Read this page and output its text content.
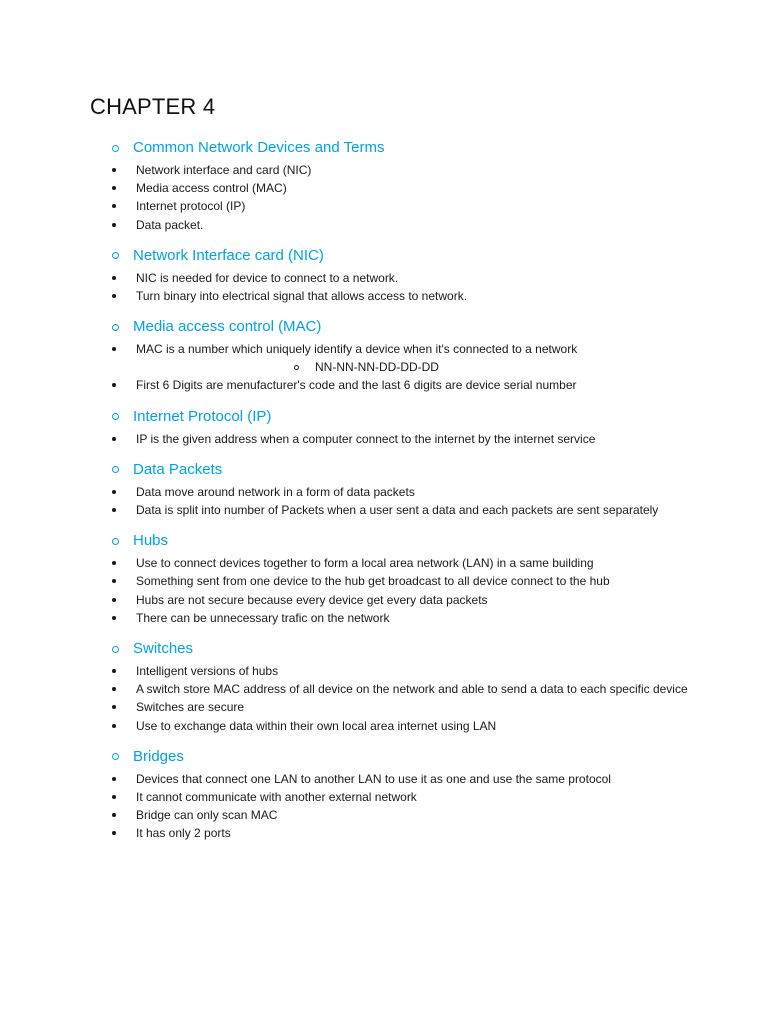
CHAPTER 4
Common Network Devices and Terms
Network interface and card (NIC)
Media access control (MAC)
Internet protocol (IP)
Data packet.
Network Interface card (NIC)
NIC is needed for device to connect to a network.
Turn binary into electrical signal that allows access to network.
Media access control (MAC)
MAC is a number which uniquely identify a device when it's connected to a network
NN-NN-NN-DD-DD-DD
First 6 Digits are menufacturer's code and the last 6 digits are device serial number
Internet Protocol (IP)
IP is the given address when a computer connect to the internet by the internet service
Data Packets
Data move around network in a form of data packets
Data is split into number of Packets when a user sent a data and each packets are sent separately
Hubs
Use to connect devices together to form a local area network (LAN) in a same building
Something sent from one device to the hub get broadcast to all device connect to the hub
Hubs are not secure because every device get every data packets
There can be unnecessary trafic on the network
Switches
Intelligent versions of hubs
A switch store MAC address of all device on the network and able to send a data to each specific device
Switches are secure
Use to exchange data within their own local area internet using LAN
Bridges
Devices that connect one LAN to another LAN to use it as one and use the same protocol
It cannot communicate with another external network
Bridge can only scan MAC
It has only 2 ports
